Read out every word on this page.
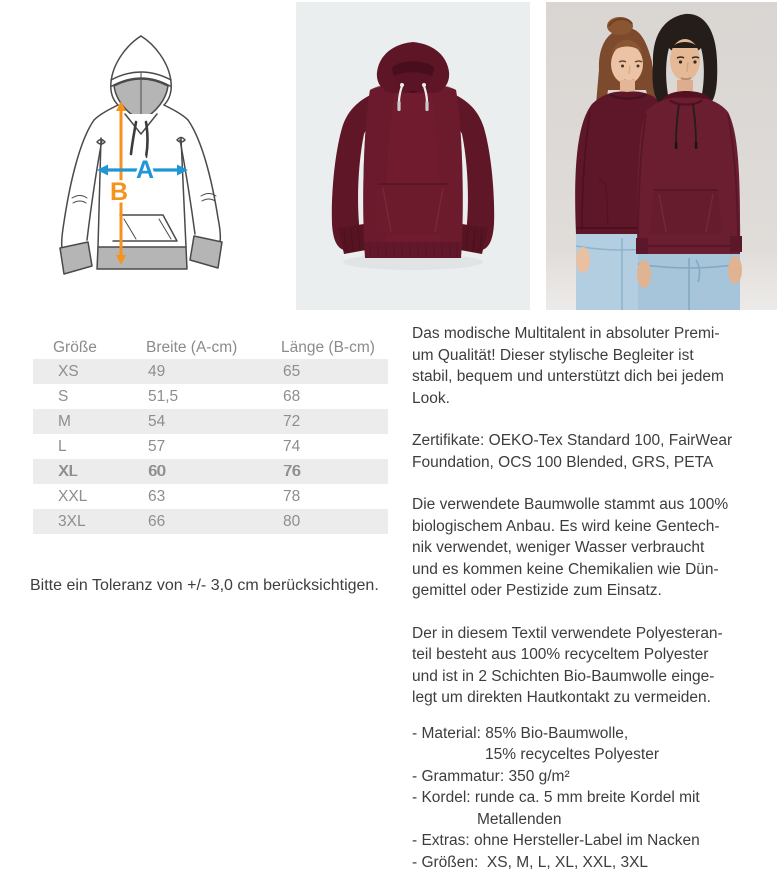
A
B
Größe	Breite (A-cm)	Länge (B-cm)
XS	49	65
S	51,5	68
M	54	72
L	57	74
XL	60	76
XXL	63	78
3XL	66	80
Bitte ein Toleranz von +/- 3,0 cm berücksichtigen.
Das modische Multitalent in absoluter Premi-
um Qualität! Dieser stylische Begleiter ist
stabil, bequem und unterstützt dich bei jedem
Look.
Zertifikate: OEKO-Tex Standard 100, FairWear
Foundation, OCS 100 Blended, GRS, PETA
Die verwendete Baumwolle stammt aus 100%
biologischem Anbau. Es wird keine Gentech-
nik verwendet, weniger Wasser verbraucht
und es kommen keine Chemikalien wie Dün-
gemittel oder Pestizide zum Einsatz.
Der in diesem Textil verwendete Polyesteran-
teil besteht aus 100% recyceltem Polyester
und ist in 2 Schichten Bio-Baumwolle einge-
legt um direkten Hautkontakt zu vermeiden.
- Material: 85% Bio-Baumwolle,
15% recyceltes Polyester
- Grammatur: 350 g/m²
- Kordel: runde ca. 5 mm breite Kordel mit
Metallenden
- Extras: ohne Hersteller-Label im Nacken
- Größen:  XS, M, L, XL, XXL, 3XL
